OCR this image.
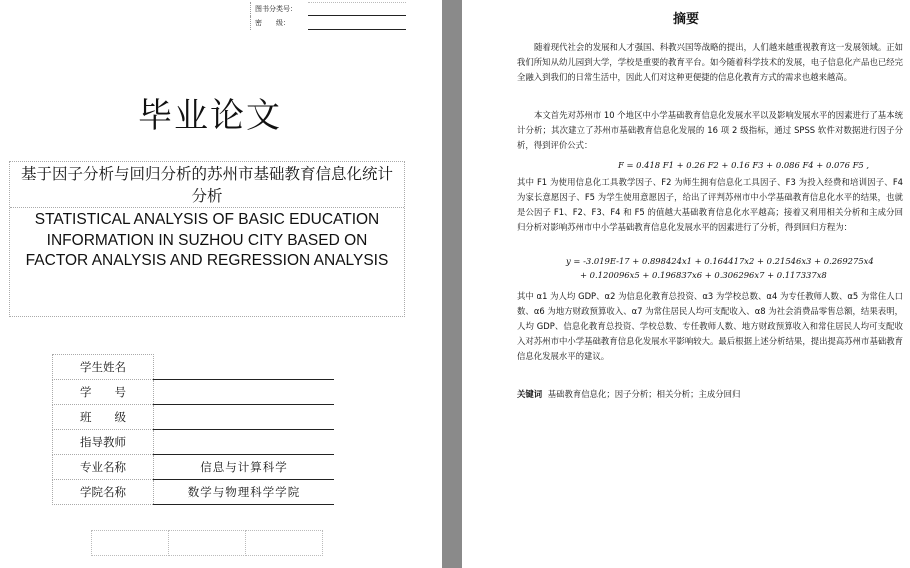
图书分类号：
密　　级：
毕业论文
基于因子分析与回归分析的苏州市基础教育信息化统计分析
STATISTICAL ANALYSIS OF BASIC EDUCATION INFORMATION IN SUZHOU CITY BASED ON FACTOR ANALYSIS AND REGRESSION ANALYSIS
学生姓名	
学　　号	
班　　级	
指导教师	
专业名称	信息与计算科学
学院名称	数学与物理科学学院

摘要

随着现代社会的发展和人才强国、科教兴国等战略的提出，人们越来越重视教育这一发展领域。正如我们所知从幼儿园到大学，学校是重要的教育平台。如今随着科学技术的发展，电子信息化产品也已经完全融入到我们的日常生活中，因此人们对这种更便捷的信息化教育方式的需求也越来越高。

本文首先对苏州市 10 个地区中小学基础教育信息化发展水平以及影响发展水平的因素进行了基本统计分析；其次建立了苏州市基础教育信息化发展的 16 项 2 级指标，通过 SPSS 软件对数据进行因子分析，得到评价公式：

F = 0.418 F1 + 0.26 F2 + 0.16 F3 + 0.086 F4 + 0.076 F5 ,

其中 F1 为使用信息化工具教学因子、F2 为师生拥有信息化工具因子、F3 为投入经费和培训因子、F4 为家长意愿因子、F5 为学生使用意愿因子，给出了评判苏州市中小学基础教育信息化水平的结果，也就是公因子 F1、F2、F3、F4 和 F5 的值越大基础教育信息化水平越高；接着又利用相关分析和主成分回归分析对影响苏州市中小学基础教育信息化发展水平的因素进行了分析，得到回归方程为：

y = -3.019E-17 + 0.898424x1 + 0.164417x2 + 0.21546x3 + 0.269275x4
+ 0.120096x5 + 0.196837x6 + 0.306296x7 + 0.117337x8

其中 α1 为人均 GDP、α2 为信息化教育总投资、α3 为学校总数、α4 为专任教师人数、α5 为常住人口数、α6 为地方财政预算收入、α7 为常住居民人均可支配收入、α8 为社会消费品零售总额，结果表明，人均 GDP、信息化教育总投资、学校总数、专任教师人数、地方财政预算收入和常住居民人均可支配收入对苏州市中小学基础教育信息化发展水平影响较大。最后根据上述分析结果，提出提高苏州市基础教育信息化发展水平的建议。

关键词 基础教育信息化；因子分析；相关分析；主成分回归
